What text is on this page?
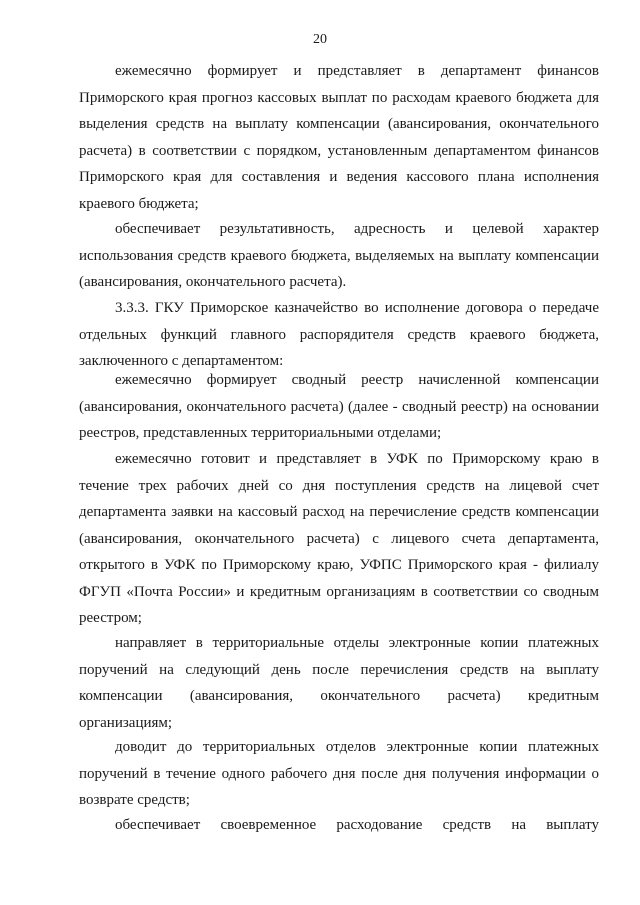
20
ежемесячно формирует и представляет в департамент финансов
Приморского края прогноз кассовых выплат по расходам краевого бюджета для
выделения средств на выплату компенсации (авансирования, окончательного
расчета) в соответствии с порядком, установленным департаментом финансов
Приморского края для составления и ведения кассового плана исполнения
краевого бюджета;
обеспечивает результативность, адресность и целевой характер
использования средств краевого бюджета, выделяемых на выплату компенсации
(авансирования, окончательного расчета).
3.3.3. ГКУ Приморское казначейство во исполнение договора о передаче
отдельных функций главного распорядителя средств краевого бюджета,
заключенного с департаментом:
ежемесячно формирует сводный реестр начисленной компенсации
(авансирования, окончательного расчета) (далее - сводный реестр) на основании
реестров, представленных территориальными отделами;
ежемесячно готовит и представляет в УФК по Приморскому краю в
течение трех рабочих дней со дня поступления средств на лицевой счет
департамента заявки на кассовый расход на перечисление средств компенсации
(авансирования, окончательного расчета) с лицевого счета департамента,
открытого в УФК по Приморскому краю, УФПС Приморского края - филиалу
ФГУП «Почта России» и кредитным организациям в соответствии со сводным
реестром;
направляет в территориальные отделы электронные копии платежных
поручений на следующий день после перечисления средств на выплату
компенсации (авансирования, окончательного расчета) кредитным
организациям;
доводит до территориальных отделов электронные копии платежных
поручений в течение одного рабочего дня после дня получения информации о
возврате средств;
обеспечивает своевременное расходование средств на выплату
